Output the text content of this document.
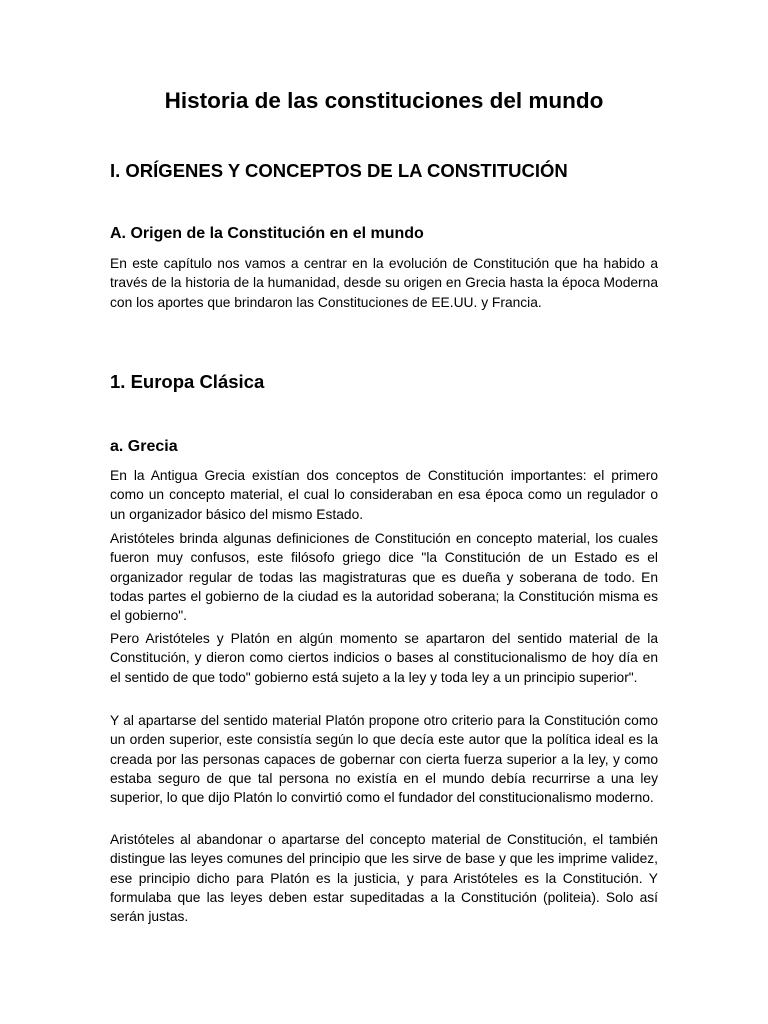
Historia de las constituciones del mundo
I. ORÍGENES Y CONCEPTOS DE LA CONSTITUCIÓN
A. Origen de la Constitución en el mundo

En este capítulo nos vamos a centrar en la evolución de Constitución que ha habido a través de la historia de la humanidad, desde su origen en Grecia hasta la época Moderna con los aportes que brindaron las Constituciones de EE.UU. y Francia.

1. Europa Clásica
a. Grecia

En la Antigua Grecia existían dos conceptos de Constitución importantes: el primero como un concepto material, el cual lo consideraban en esa época como un regulador o un organizador básico del mismo Estado.

Aristóteles brinda algunas definiciones de Constitución en concepto material, los cuales fueron muy confusos, este filósofo griego dice "la Constitución de un Estado es el organizador regular de todas las magistraturas que es dueña y soberana de todo. En todas partes el gobierno de la ciudad es la autoridad soberana; la Constitución misma es el gobierno".

Pero Aristóteles y Platón en algún momento se apartaron del sentido material de la Constitución, y dieron como ciertos indicios o bases al constitucionalismo de hoy día en el sentido de que todo" gobierno está sujeto a la ley y toda ley a un principio superior".

Y al apartarse del sentido material Platón propone otro criterio para la Constitución como un orden superior, este consistía según lo que decía este autor que la política ideal es la creada por las personas capaces de gobernar con cierta fuerza superior a la ley, y como estaba seguro de que tal persona no existía en el mundo debía recurrirse a una ley superior, lo que dijo Platón lo convirtió como el fundador del constitucionalismo moderno.

Aristóteles al abandonar o apartarse del concepto material de Constitución, el también distingue las leyes comunes del principio que les sirve de base y que les imprime validez, ese principio dicho para Platón es la justicia, y para Aristóteles es la Constitución. Y formulaba que las leyes deben estar supeditadas a la Constitución (politeia). Solo así serán justas.
